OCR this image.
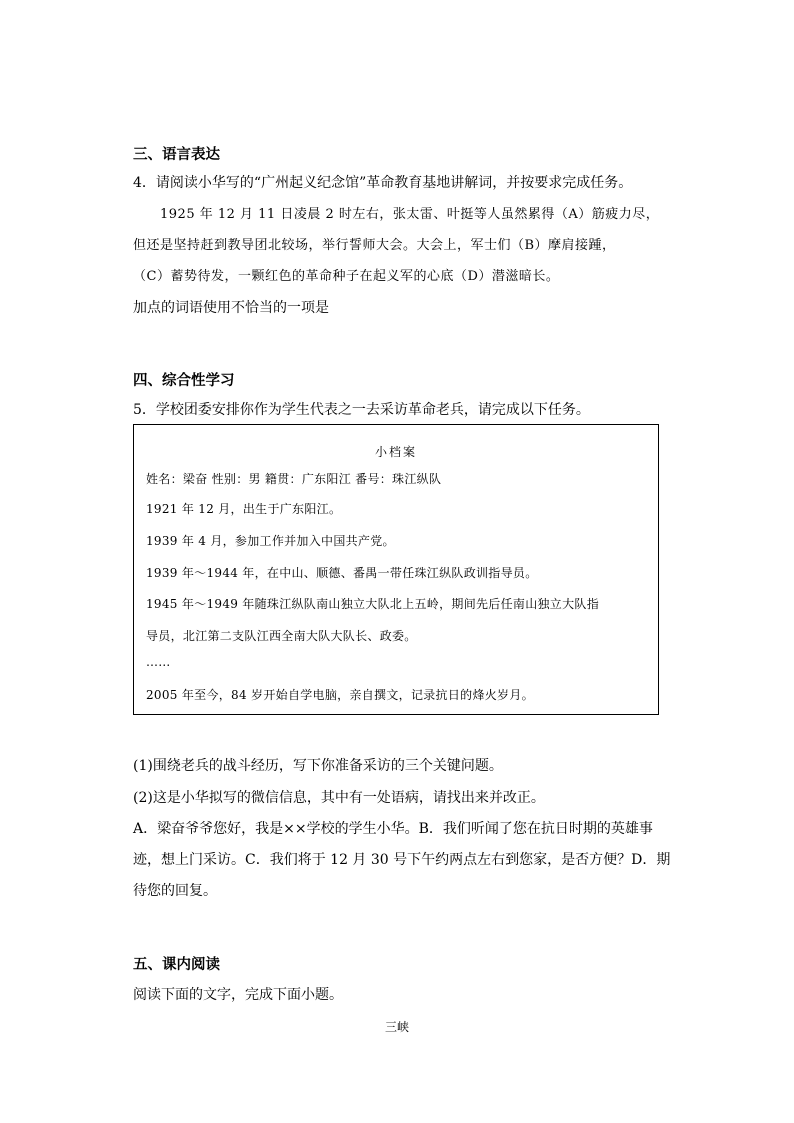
三、语言表达
4．请阅读小华写的“广州起义纪念馆”革命教育基地讲解词，并按要求完成任务。
1925 年 12 月 11 日凌晨 2 时左右，张太雷、叶挺等人虽然累得（A）筋疲力尽，
但还是坚持赶到教导团北较场，举行誓师大会。大会上，军士们（B）摩肩接踵，
（C）蓄势待发，一颗红色的革命种子在起义军的心底（D）潜滋暗长。
加点的词语使用不恰当的一项是
四、综合性学习
5．学校团委安排你作为学生代表之一去采访革命老兵，请完成以下任务。
小档案
姓名：梁奋 性别：男 籍贯：广东阳江 番号：珠江纵队
1921 年 12 月，出生于广东阳江。
1939 年 4 月，参加工作并加入中国共产党。
1939 年～1944 年，在中山、顺德、番禺一带任珠江纵队政训指导员。
1945 年～1949 年随珠江纵队南山独立大队北上五岭，期间先后任南山独立大队指
导员，北江第二支队江西全南大队大队长、政委。
……
2005 年至今，84 岁开始自学电脑，亲自撰文，记录抗日的烽火岁月。
(1)围绕老兵的战斗经历，写下你准备采访的三个关键问题。
(2)这是小华拟写的微信信息，其中有一处语病，请找出来并改正。
A．梁奋爷爷您好，我是××学校的学生小华。B．我们听闻了您在抗日时期的英雄事
迹，想上门采访。C．我们将于 12 月 30 号下午约两点左右到您家，是否方便？D．期
待您的回复。
五、课内阅读
阅读下面的文字，完成下面小题。
三峡
